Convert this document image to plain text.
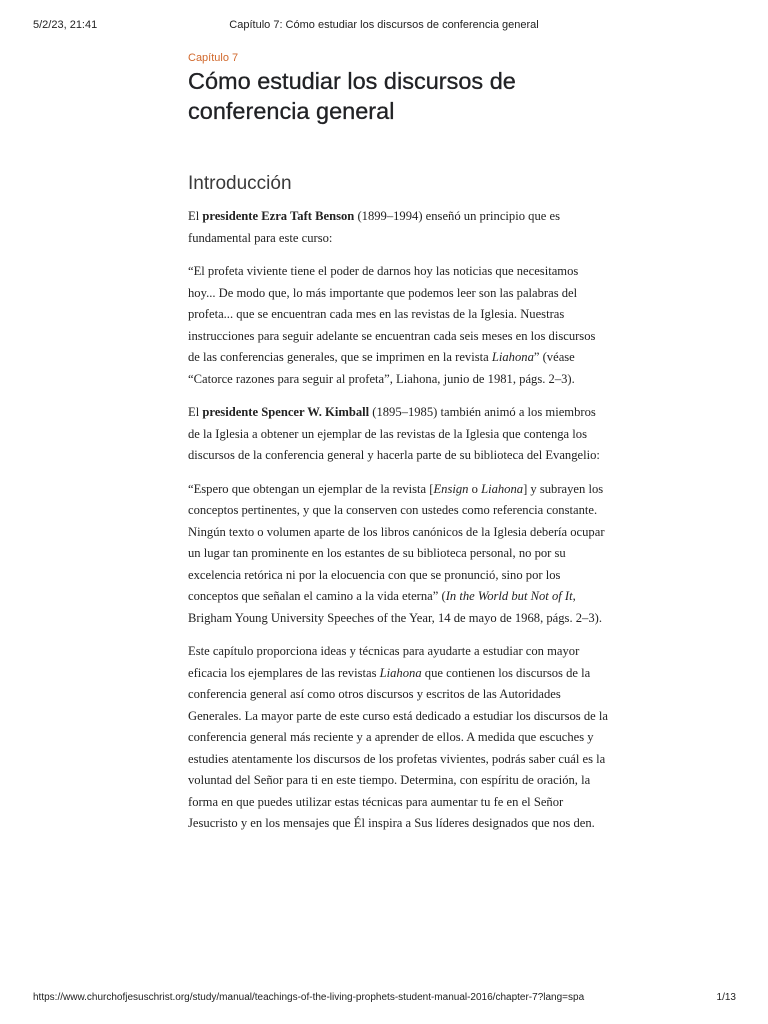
5/2/23, 21:41	Capítulo 7: Cómo estudiar los discursos de conferencia general
Capítulo 7
Cómo estudiar los discursos de
conferencia general
Introducción

El presidente Ezra Taft Benson (1899–1994) enseñó un principio que es fundamental para este curso:

“El profeta viviente tiene el poder de darnos hoy las noticias que necesitamos hoy... De modo que, lo más importante que podemos leer son las palabras del profeta... que se encuentran cada mes en las revistas de la Iglesia. Nuestras instrucciones para seguir adelante se encuentran cada seis meses en los discursos de las conferencias generales, que se imprimen en la revista Liahona” (véase “Catorce razones para seguir al profeta”, Liahona, junio de 1981, págs. 2–3).

El presidente Spencer W. Kimball (1895–1985) también animó a los miembros de la Iglesia a obtener un ejemplar de las revistas de la Iglesia que contenga los discursos de la conferencia general y hacerla parte de su biblioteca del Evangelio:

“Espero que obtengan un ejemplar de la revista [Ensign o Liahona] y subrayen los conceptos pertinentes, y que la conserven con ustedes como referencia constante. Ningún texto o volumen aparte de los libros canónicos de la Iglesia debería ocupar un lugar tan prominente en los estantes de su biblioteca personal, no por su excelencia retórica ni por la elocuencia con que se pronunció, sino por los conceptos que señalan el camino a la vida eterna” (In the World but Not of It, Brigham Young University Speeches of the Year, 14 de mayo de 1968, págs. 2–3).

Este capítulo proporciona ideas y técnicas para ayudarte a estudiar con mayor eficacia los ejemplares de las revistas Liahona que contienen los discursos de la conferencia general así como otros discursos y escritos de las Autoridades Generales. La mayor parte de este curso está dedicado a estudiar los discursos de la conferencia general más reciente y a aprender de ellos. A medida que escuches y estudies atentamente los discursos de los profetas vivientes, podrás saber cuál es la voluntad del Señor para ti en este tiempo. Determina, con espíritu de oración, la forma en que puedes utilizar estas técnicas para aumentar tu fe en el Señor Jesucristo y en los mensajes que Él inspira a Sus líderes designados que nos den.

https://www.churchofjesuschrist.org/study/manual/teachings-of-the-living-prophets-student-manual-2016/chapter-7?lang=spa	1/13
